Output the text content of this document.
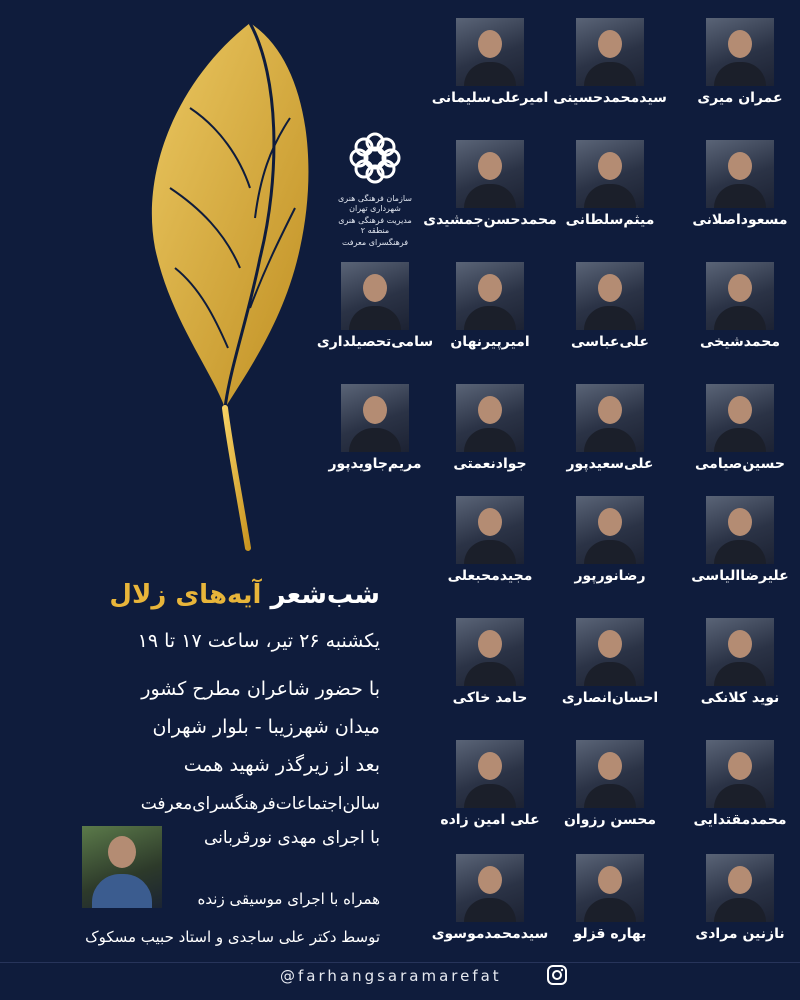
سازمان فرهنگی هنری شهرداری تهران
مدیریت فرهنگی هنری منطقه ۲
فرهنگسرای معرفت
عمران میری
سیدمحمدحسینی
امیرعلی‌سلیمانی
مسعوداصلانی
میثم‌سلطانی
محمدحسن‌جمشیدی
محمدشیخی
علی‌عباسی
امیرپیرنهان
سامی‌تحصیلداری
حسین‌صیامی
علی‌سعیدپور
جوادنعمتی
مریم‌جاویدپور
علیرضاالیاسی
رضانورپور
مجیدمحبعلی
نوید کلانکی
احسان‌انصاری
حامد خاکی
محمدمقتدایی
محسن رزوان
علی امین زاده
نازنین مرادی
بهاره قزلو
سیدمحمدموسوی
شب‌شعر آیه‌های زلال
یکشنبه ۲۶ تیر، ساعت ۱۷ تا ۱۹
با حضور شاعران مطرح کشور
میدان شهرزیبا - بلوار شهران
بعد از زیرگذر شهید همت
سالن‌اجتماعات‌فرهنگسرای‌معرفت
با اجرای مهدی نورقربانی
همراه با اجرای موسیقی زنده
توسط دکتر علی ساجدی و استاد حبیب مسکوک
@farhangsaramarefat
